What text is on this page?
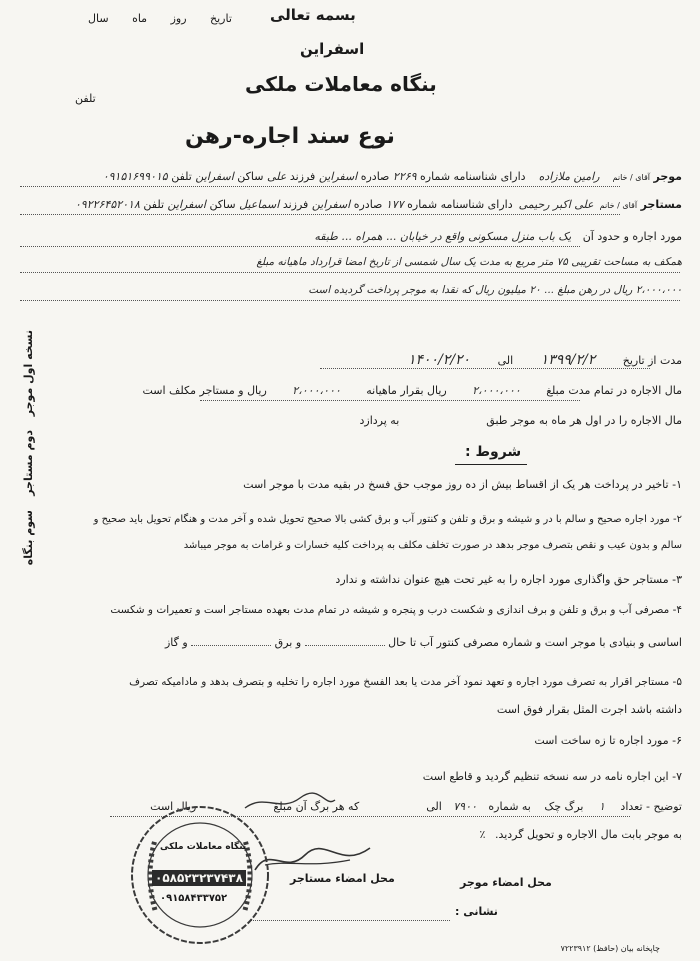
بسمه تعالی
تاریخ روز ماه سال
اسفراین
بنگاه معاملات ملکی
تلفن
نوع سند اجاره-رهن
موجر آقای / خانم رامین ملازاده دارای شناسنامه شماره ۲۲۶۹ صادره اسفراین فرزند علی ساکن اسفراین تلفن ۰۹۱۵۱۶۹۹۰۱۵
مستاجر آقای / خانم علی اکبر رحیمی دارای شناسنامه شماره ۱۷۷ صادره اسفراین فرزند اسماعیل ساکن اسفراین تلفن ۰۹۲۲۶۴۵۲۰۱۸
مورد اجاره و حدود آن یک باب منزل مسکونی واقع در خیابان ... همراه ... طبقه
همکف به مساحت تقریبی ۷۵ متر مربع به مدت یک سال شمسی از تاریخ امضا قرارداد ماهیانه مبلغ
۲،۰۰۰،۰۰۰ ریال در رهن مبلغ ... ۲۰ میلیون ریال که نقدا به موجر پرداخت گردیده است
نسخه اول موجر
دوم مستاجر
سوم بنگاه
مدت از تاریخ ۱۳۹۹/۲/۲ الی ۱۴۰۰/۲/۲۰
مال الاجاره در تمام مدت مبلغ ۲،۰۰۰،۰۰۰ ریال بقرار ماهیانه ۲،۰۰۰،۰۰۰ ریال و مستاجر مکلف است
مال الاجاره را در اول هر ماه به موجر طبق  به پردازد
شروط :
۱- تاخیر در پرداخت هر یک از اقساط بیش از ده روز موجب حق فسخ در بقیه مدت با موجر است
۲- مورد اجاره صحیح و سالم با در و شیشه و برق و تلفن و کنتور آب و برق کشی بالا صحیح تحویل شده و آخر مدت و هنگام تحویل باید صحیح و
سالم و بدون عیب و نقص بتصرف موجر بدهد در صورت تخلف مکلف به پرداخت کلیه خسارات و غرامات به موجر میباشد
۳- مستاجر حق واگذاری مورد اجاره را به غیر تحت هیچ عنوان نداشته و ندارد
۴- مصرفی آب و برق و تلفن و برف اندازی و شکست درب و پنجره و شیشه در تمام مدت بعهده مستاجر است و تعمیرات و شکست
اساسی و بنیادی با موجر است و شماره مصرفی کنتور آب تا حال  و برق  و گاز
۵- مستاجر اقرار به تصرف مورد اجاره و تعهد نمود آخر مدت یا بعد الفسخ مورد اجاره را تخلیه و بتصرف بدهد و مادامیکه تصرف
داشته باشد اجرت المثل بقرار فوق است
۶- مورد اجاره تا زه ساخت است
۷- این اجاره نامه در سه نسخه تنظیم گردید و قاطع است
توضیح - تعداد ۱ برگ چک به شماره ۷۹۰۰ الی  که هر برگ آن مبلغ  ریال است
به موجر بابت مال الاجاره و تحویل گردید. ٪
محل امضاء مستاجر	محل امضاء موجر
نشانی :
بنگاه معاملات ملکی
۰۵۸۵۲۳۲۳۷۴۳۸
۰۹۱۵۸۴۳۳۷۵۲
چاپخانه بیان (حافظ) ۷۲۲۳۹۱۲
